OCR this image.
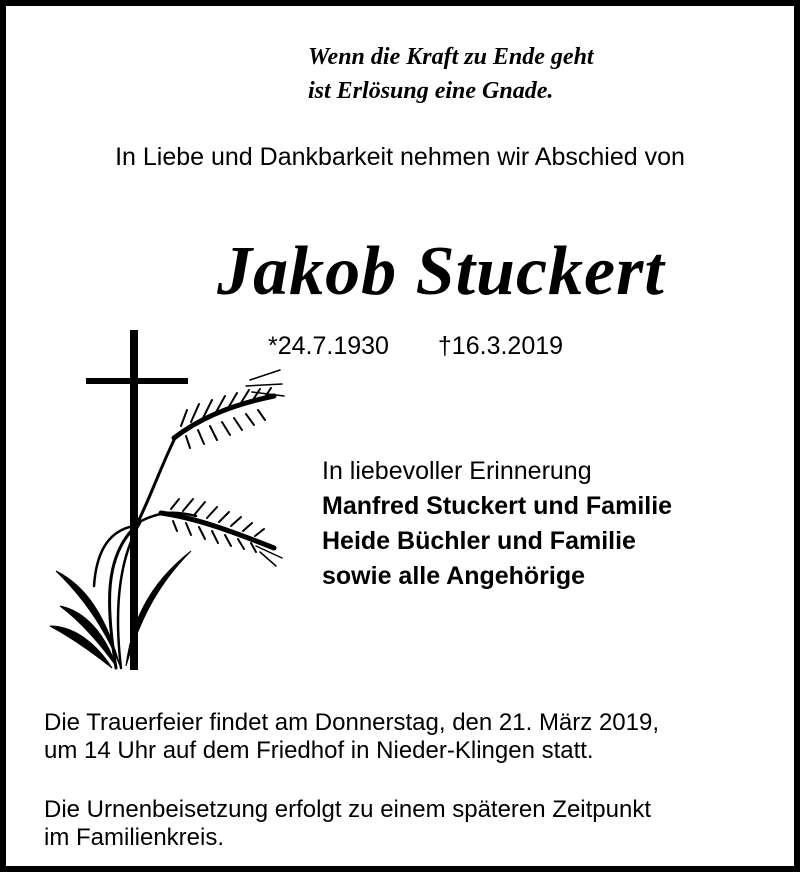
Wenn die Kraft zu Ende geht
ist Erlösung eine Gnade.

In Liebe und Dankbarkeit nehmen wir Abschied von

Jakob Stuckert
*24.7.1930 †16.3.2019
In liebevoller Erinnerung
Manfred Stuckert und Familie
Heide Büchler und Familie
sowie alle Angehörige

Die Trauerfeier findet am Donnerstag, den 21. März 2019,
um 14 Uhr auf dem Friedhof in Nieder-Klingen statt.

Die Urnenbeisetzung erfolgt zu einem späteren Zeitpunkt
im Familienkreis.
